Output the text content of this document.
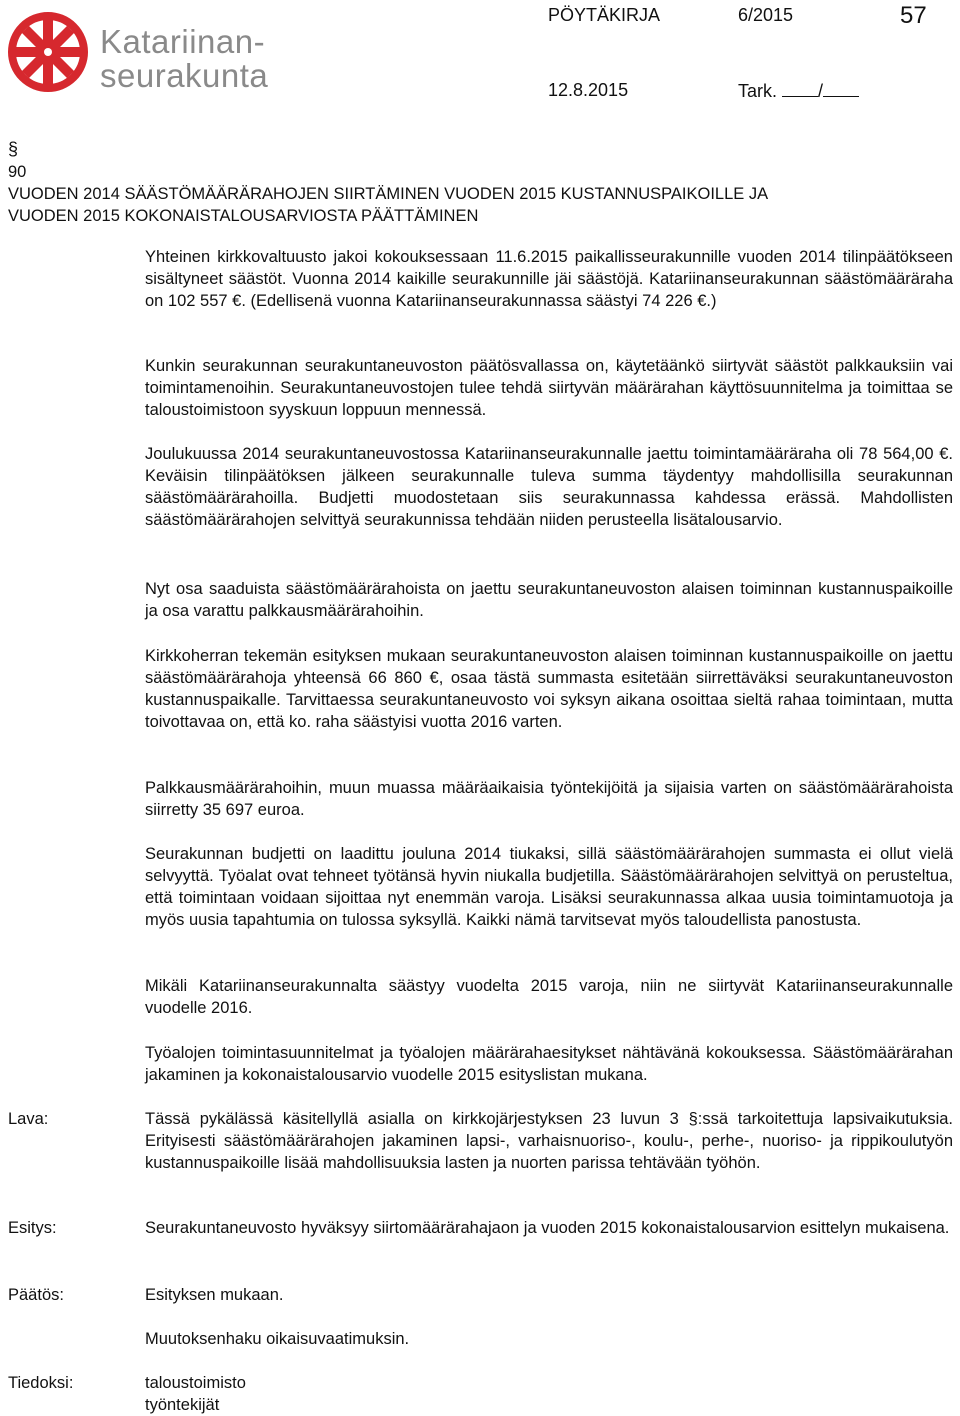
Katariinan-
seurakunta
PÖYTÄKIRJA	6/2015	57
12.8.2015	Tark. /
§
90
VUODEN 2014 SÄÄSTÖMÄÄRÄRAHOJEN SIIRTÄMINEN VUODEN 2015 KUSTANNUSPAIKOILLE JA
VUODEN 2015 KOKONAISTALOUSARVIOSTA PÄÄTTÄMINEN

Yhteinen kirkkovaltuusto jakoi kokouksessaan 11.6.2015 paikallisseurakunnille vuoden 2014 tilinpäätökseen sisältyneet säästöt. Vuonna 2014 kaikille seurakunnille jäi säästöjä. Katariinanseurakunnan säästömääräraha on 102 557 €. (Edellisenä vuonna Katariinanseurakunnassa säästyi 74 226 €.)

Kunkin seurakunnan seurakuntaneuvoston päätösvallassa on, käytetäänkö siirtyvät säästöt palkkauksiin vai toimintamenoihin. Seurakuntaneuvostojen tulee tehdä siirtyvän määrärahan käyttösuunnitelma ja toimittaa se taloustoimistoon syyskuun loppuun mennessä.

Joulukuussa 2014 seurakuntaneuvostossa Katariinanseurakunnalle jaettu toimintamääräraha oli 78 564,00 €. Keväisin tilinpäätöksen jälkeen seurakunnalle tuleva summa täydentyy mahdollisilla seurakunnan säästömäärärahoilla. Budjetti muodostetaan siis seurakunnassa kahdessa erässä. Mahdollisten säästömäärärahojen selvittyä seurakunnissa tehdään niiden perusteella lisätalousarvio.

Nyt osa saaduista säästömäärärahoista on jaettu seurakuntaneuvoston alaisen toiminnan kustannuspaikoille ja osa varattu palkkausmäärärahoihin.

Kirkkoherran tekemän esityksen mukaan seurakuntaneuvoston alaisen toiminnan kustannuspaikoille on jaettu säästömäärärahoja yhteensä 66 860 €, osaa tästä summasta esitetään siirrettäväksi seurakuntaneuvoston kustannuspaikalle. Tarvittaessa seurakuntaneuvosto voi syksyn aikana osoittaa sieltä rahaa toimintaan, mutta toivottavaa on, että ko. raha säästyisi vuotta 2016 varten.

Palkkausmäärärahoihin, muun muassa määräaikaisia työntekijöitä ja sijaisia varten on säästömäärärahoista siirretty 35 697 euroa.

Seurakunnan budjetti on laadittu jouluna 2014 tiukaksi, sillä säästömäärärahojen summasta ei ollut vielä selvyyttä. Työalat ovat tehneet työtänsä hyvin niukalla budjetilla. Säästömäärärahojen selvittyä on perusteltua, että toimintaan voidaan sijoittaa nyt enemmän varoja. Lisäksi seurakunnassa alkaa uusia toimintamuotoja ja myös uusia tapahtumia on tulossa syksyllä. Kaikki nämä tarvitsevat myös taloudellista panostusta.

Mikäli Katariinanseurakunnalta säästyy vuodelta 2015 varoja, niin ne siirtyvät Katariinanseurakunnalle vuodelle 2016.

Työalojen toimintasuunnitelmat ja työalojen määrärahaesitykset nähtävänä kokouksessa. Säästömäärärahan jakaminen ja kokonaistalousarvio vuodelle 2015 esityslistan mukana.

Lava:	Tässä pykälässä käsitellyllä asialla on kirkkojärjestyksen 23 luvun 3 §:ssä tarkoitettuja lapsivaikutuksia. Erityisesti säästömäärärahojen jakaminen lapsi-, varhaisnuoriso-, koulu-, perhe-, nuoriso- ja rippikoulutyön kustannuspaikoille lisää mahdollisuuksia lasten ja nuorten parissa tehtävään työhön.

Esitys:	Seurakuntaneuvosto hyväksyy siirtomäärärahajaon ja vuoden 2015 kokonaistalousarvion esittelyn mukaisena.

Päätös:	Esityksen mukaan.

Muutoksenhaku oikaisuvaatimuksin.

Tiedoksi:	taloustoimisto
työntekijät
